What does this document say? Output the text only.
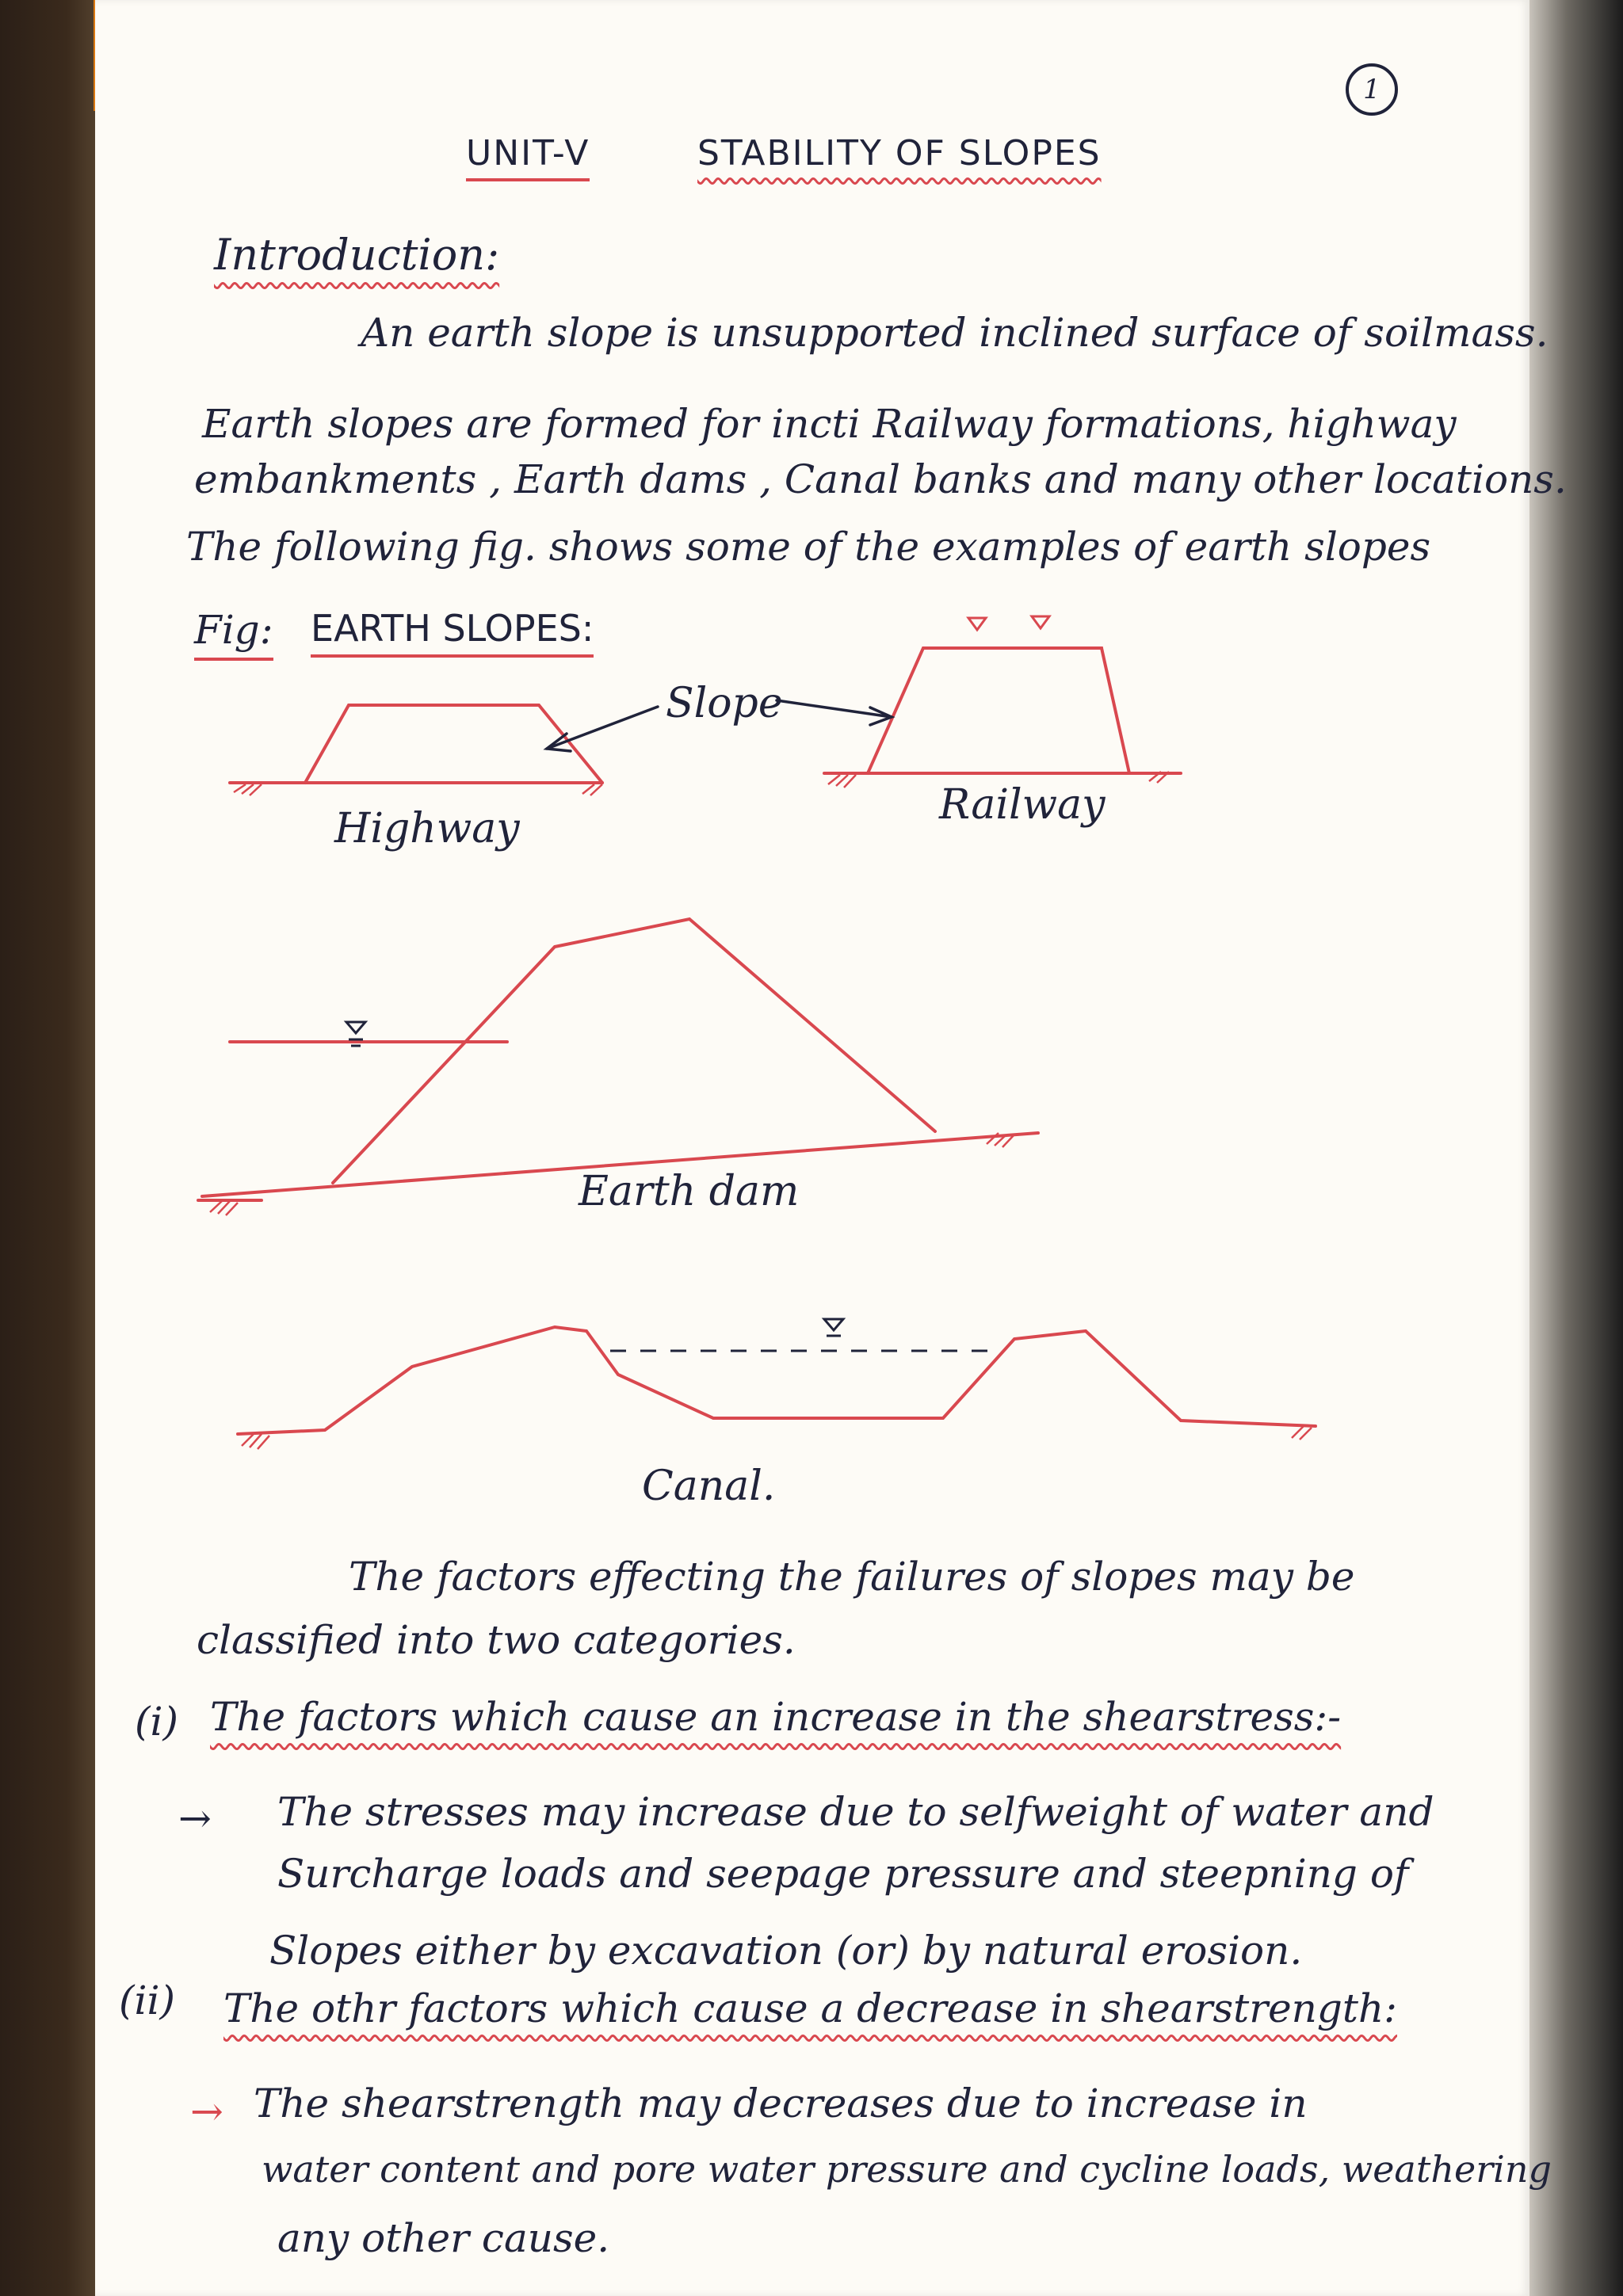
1
UNIT-V	STABILITY OF SLOPES
Introduction:
An earth slope is unsupported inclined surface of soilmass.
Earth slopes are formed for incti Railway formations, highway
embankments , Earth dams , Canal banks and many other locations.
The following fig. shows some of the examples of earth slopes
Fig: EARTH SLOPES:
Slope
Highway	Railway
Earth dam
Canal.
The factors effecting the failures of slopes may be
classified into two categories.
(i) The factors which cause an increase in the shearstress:-
→ The stresses may increase due to selfweight of water and
Surcharge loads and seepage pressure and steepning of
Slopes either by excavation (or) by natural erosion.
(ii) The othr factors which cause a decrease in shearstrength:
→ The shearstrength may decreases due to increase in
water content and pore water pressure and cycline loads, weathering
any other cause.
